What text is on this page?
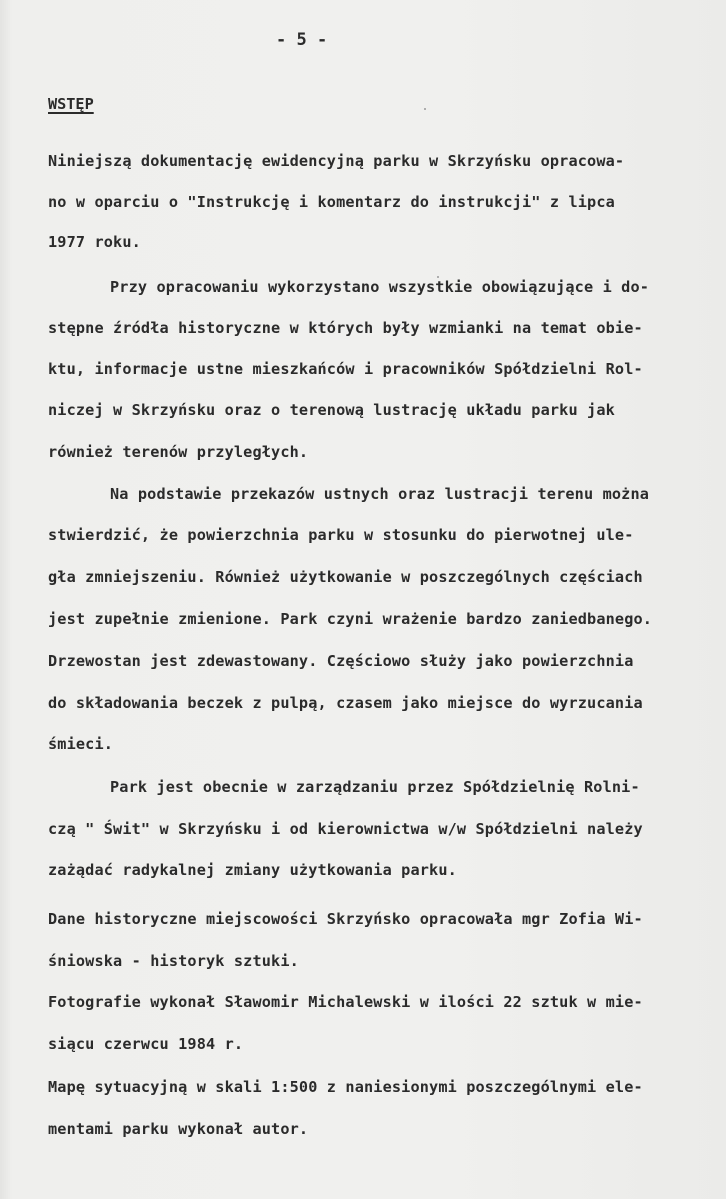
- 5 -
WSTĘP
Niniejszą dokumentację ewidencyjną parku w Skrzyńsku opracowa-
no w oparciu o "Instrukcję i komentarz do instrukcji" z lipca
1977 roku.
Przy opracowaniu wykorzystano wszystkie obowiązujące i do-
stępne źródła historyczne w których były wzmianki na temat obie-
ktu, informacje ustne mieszkańców i pracowników Spółdzielni Rol-
niczej w Skrzyńsku oraz o terenową lustrację układu parku jak
również terenów przyległych.
Na podstawie przekazów ustnych oraz lustracji terenu można
stwierdzić, że powierzchnia parku w stosunku do pierwotnej ule-
gła zmniejszeniu. Również użytkowanie w poszczególnych częściach
jest zupełnie zmienione. Park czyni wrażenie bardzo zaniedbanego.
Drzewostan jest zdewastowany. Częściowo służy jako powierzchnia
do składowania beczek z pulpą, czasem jako miejsce do wyrzucania
śmieci.
Park jest obecnie w zarządzaniu przez Spółdzielnię Rolni-
czą " Świt" w Skrzyńsku i od kierownictwa w/w Spółdzielni należy
zażądać radykalnej zmiany użytkowania parku.
Dane historyczne miejscowości Skrzyńsko opracowała mgr Zofia Wi-
śniowska - historyk sztuki.
Fotografie wykonał Sławomir Michalewski w ilości 22 sztuk w mie-
siącu czerwcu 1984 r.
Mapę sytuacyjną w skali 1:500 z naniesionymi poszczególnymi ele-
mentami parku wykonał autor.
